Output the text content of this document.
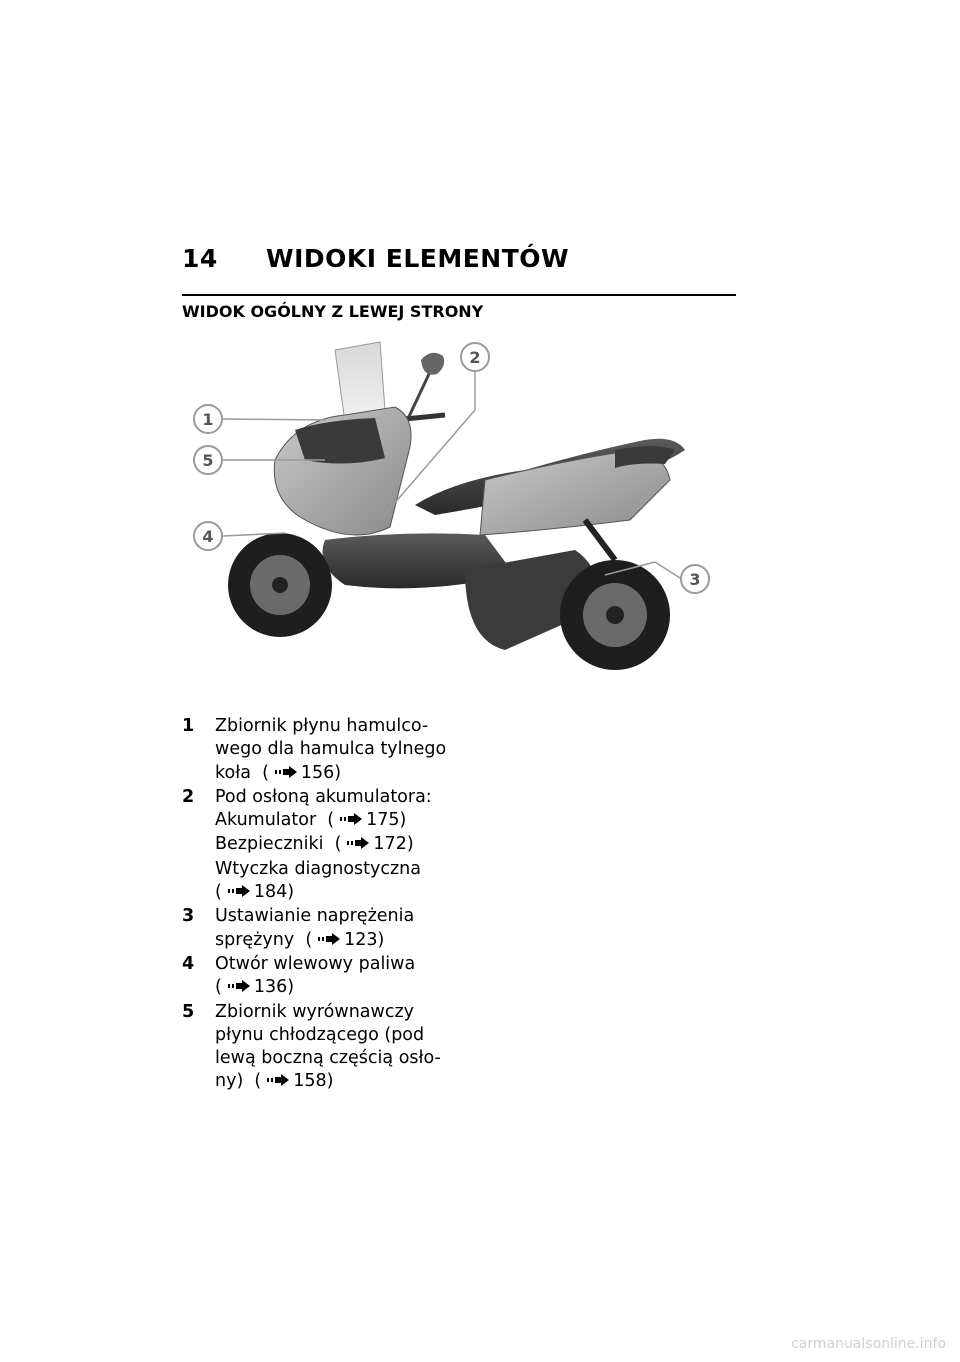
14 WIDOKI ELEMENTÓW
WIDOK OGÓLNY Z LEWEJ STRONY
1
5
4
2
3
1 Zbiornik płynu hamulco-
wego dla hamulca tylnego
koła ( 156)
2 Pod osłoną akumulatora:
Akumulator ( 175)
Bezpieczniki ( 172)
Wtyczka diagnostyczna
( 184)
3 Ustawianie naprężenia
sprężyny ( 123)
4 Otwór wlewowy paliwa
( 136)
5 Zbiornik wyrównawczy
płynu chłodzącego (pod
lewą boczną częścią osło-
ny) ( 158)
carmanualsonline.info
